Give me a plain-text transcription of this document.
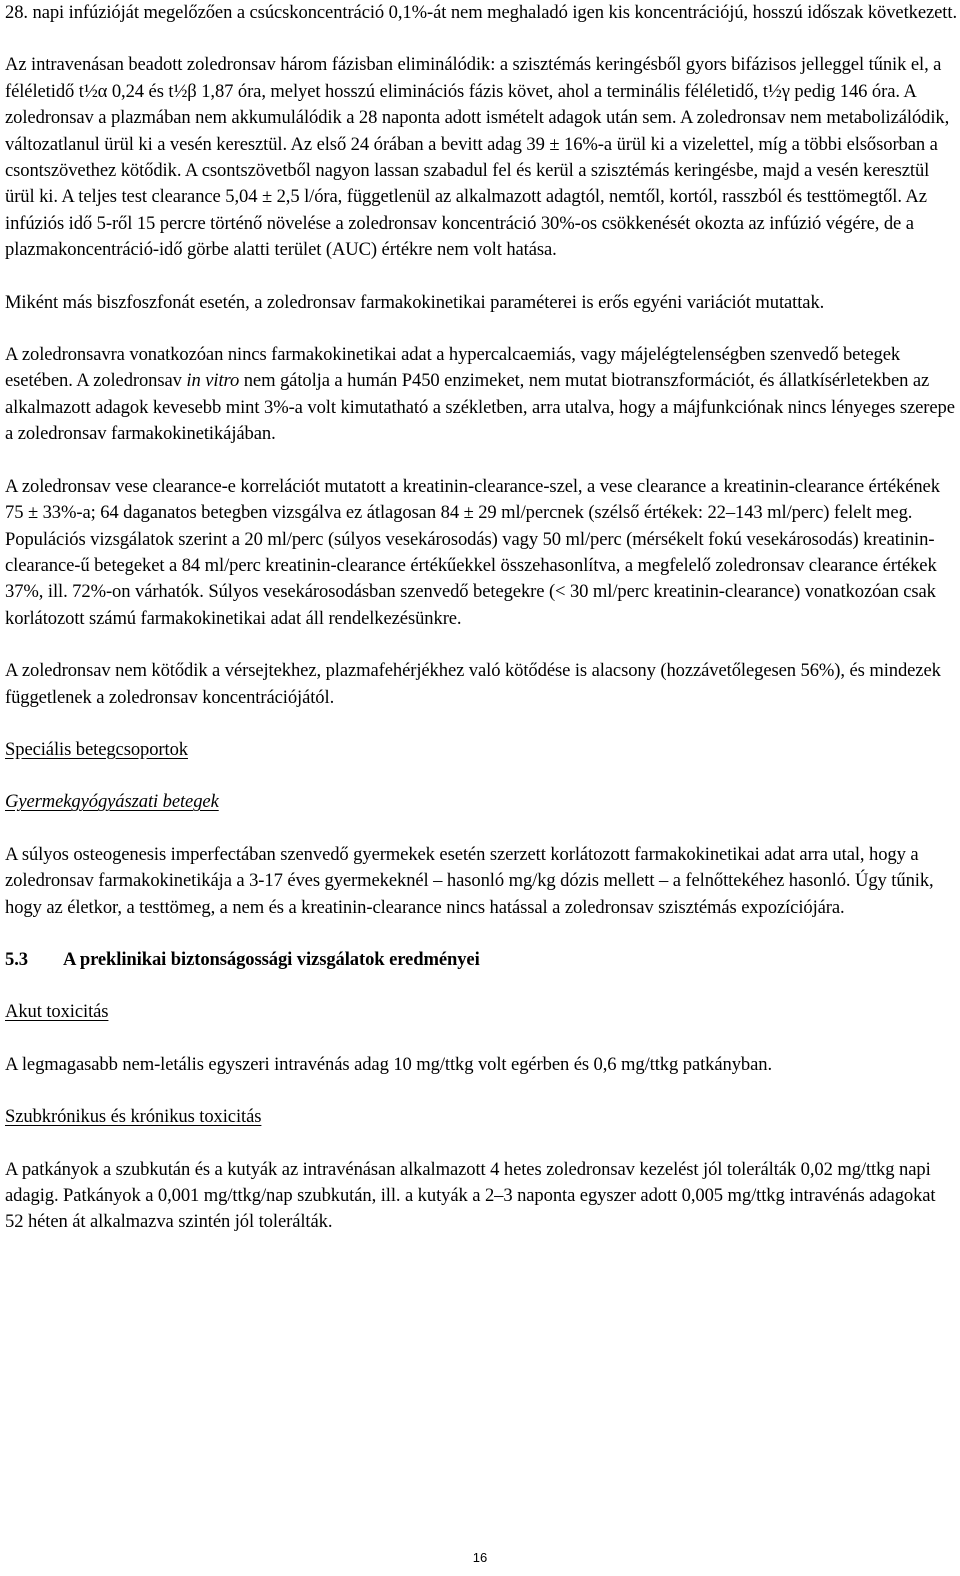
28. napi infúzióját megelőzően a csúcskoncentráció 0,1%-át nem meghaladó igen kis koncentrációjú, hosszú időszak következett.

Az intravenásan beadott zoledronsav három fázisban eliminálódik: a szisztémás keringésből gyors bifázisos jelleggel tűnik el, a féléletidő t½α 0,24 és t½β 1,87 óra, melyet hosszú eliminációs fázis követ, ahol a terminális féléletidő, t½γ pedig 146 óra. A zoledronsav a plazmában nem akkumulálódik a 28 naponta adott ismételt adagok után sem. A zoledronsav nem metabolizálódik, változatlanul ürül ki a vesén keresztül. Az első 24 órában a bevitt adag 39 ± 16%-a ürül ki a vizelettel, míg a többi elsősorban a csontszövethez kötődik. A csontszövetből nagyon lassan szabadul fel és kerül a szisztémás keringésbe, majd a vesén keresztül ürül ki. A teljes test clearance 5,04 ± 2,5 l/óra, függetlenül az alkalmazott adagtól, nemtől, kortól, rasszból és testtömegtől. Az infúziós idő 5-ről 15 percre történő növelése a zoledronsav koncentráció 30%-os csökkenését okozta az infúzió végére, de a plazmakoncentráció-idő görbe alatti terület (AUC) értékre nem volt hatása.

Miként más biszfoszfonát esetén, a zoledronsav farmakokinetikai paraméterei is erős egyéni variációt mutattak.

A zoledronsavra vonatkozóan nincs farmakokinetikai adat a hypercalcaemiás, vagy májelégtelenségben szenvedő betegek esetében. A zoledronsav in vitro nem gátolja a humán P450 enzimeket, nem mutat biotranszformációt, és állatkísérletekben az alkalmazott adagok kevesebb mint 3%-a volt kimutatható a székletben, arra utalva, hogy a májfunkciónak nincs lényeges szerepe a zoledronsav farmakokinetikájában.

A zoledronsav vese clearance-e korrelációt mutatott a kreatinin-clearance-szel, a vese clearance a kreatinin-clearance értékének 75 ± 33%-a; 64 daganatos betegben vizsgálva ez átlagosan 84 ± 29 ml/percnek (szélső értékek: 22–143 ml/perc) felelt meg. Populációs vizsgálatok szerint a 20 ml/perc (súlyos vesekárosodás) vagy 50 ml/perc (mérsékelt fokú vesekárosodás) kreatinin-clearance-ű betegeket a 84 ml/perc kreatinin-clearance értékűekkel összehasonlítva, a megfelelő zoledronsav clearance értékek 37%, ill. 72%-on várhatók. Súlyos vesekárosodásban szenvedő betegekre (< 30 ml/perc kreatinin-clearance) vonatkozóan csak korlátozott számú farmakokinetikai adat áll rendelkezésünkre.

A zoledronsav nem kötődik a vérsejtekhez, plazmafehérjékhez való kötődése is alacsony (hozzávetőlegesen 56%), és mindezek függetlenek a zoledronsav koncentrációjától.

Speciális betegcsoportok

Gyermekgyógyászati betegek

A súlyos osteogenesis imperfectában szenvedő gyermekek esetén szerzett korlátozott farmakokinetikai adat arra utal, hogy a zoledronsav farmakokinetikája a 3-17 éves gyermekeknél – hasonló mg/kg dózis mellett – a felnőttekéhez hasonló. Úgy tűnik, hogy az életkor, a testtömeg, a nem és a kreatinin-clearance nincs hatással a zoledronsav szisztémás expozíciójára.

5.3	A preklinikai biztonságossági vizsgálatok eredményei

Akut toxicitás

A legmagasabb nem-letális egyszeri intravénás adag 10 mg/ttkg volt egérben és 0,6 mg/ttkg patkányban.

Szubkrónikus és krónikus toxicitás

A patkányok a szubkután és a kutyák az intravénásan alkalmazott 4 hetes zoledronsav kezelést jól tolerálták 0,02 mg/ttkg napi adagig. Patkányok a 0,001 mg/ttkg/nap szubkután, ill. a kutyák a 2–3 naponta egyszer adott 0,005 mg/ttkg intravénás adagokat 52 héten át alkalmazva szintén jól tolerálták.

16
